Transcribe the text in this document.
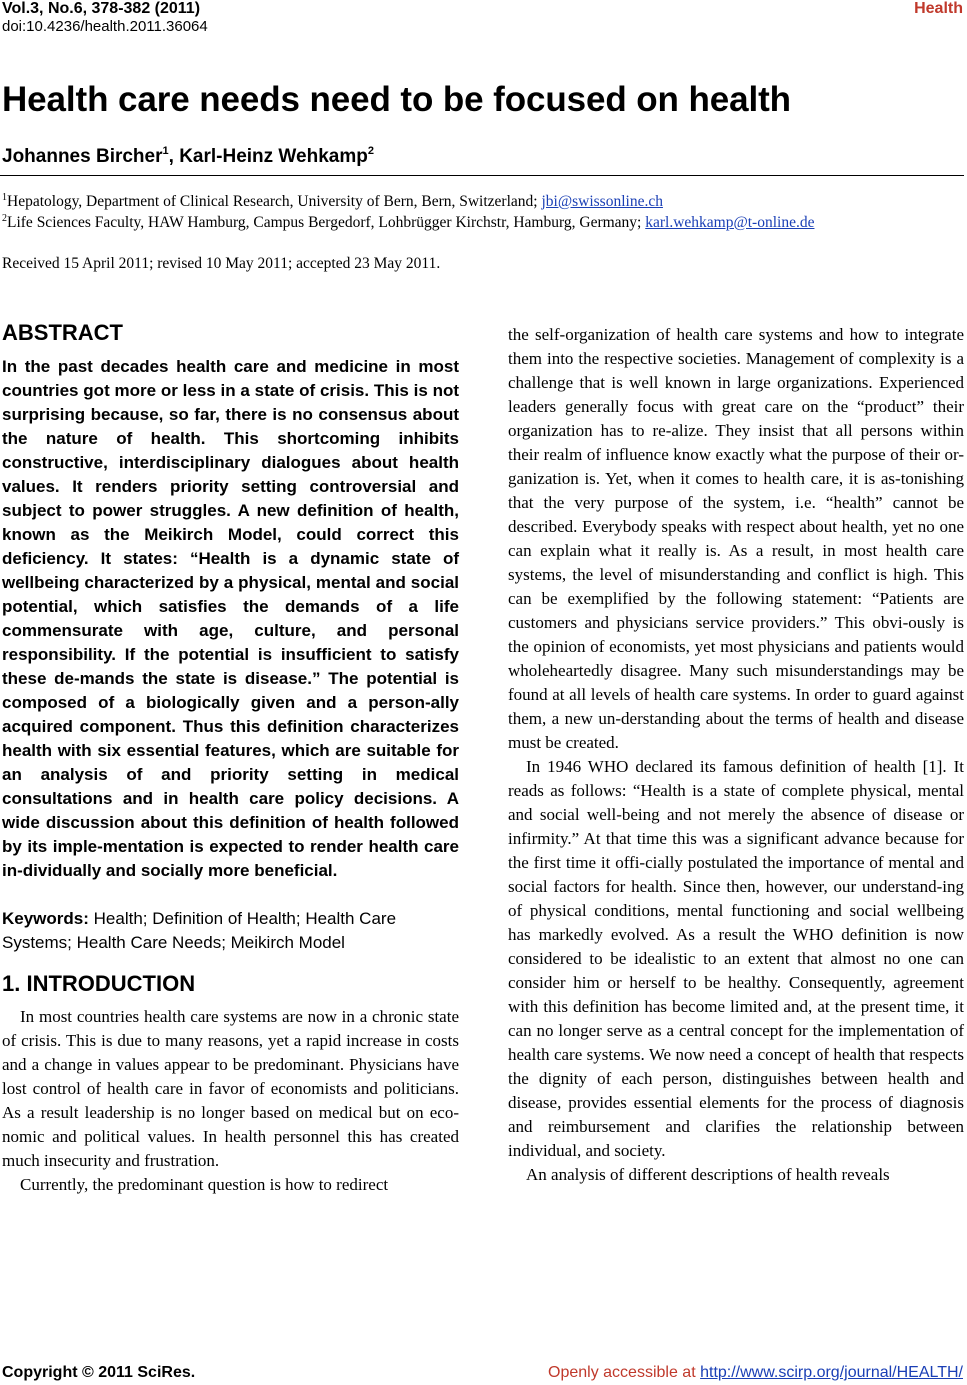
Vol.3, No.6, 378-382 (2011)
doi:10.4236/health.2011.36064
Health
Health care needs need to be focused on health
Johannes Bircher$^1$, Karl-Heinz Wehkamp$^2$
$^1$Hepatology, Department of Clinical Research, University of Bern, Bern, Switzerland; jbi@swissonline.ch
$^2$Life Sciences Faculty, HAW Hamburg, Campus Bergedorf, Lohbrügger Kirchstr, Hamburg, Germany; karl.wehkamp@t-online.de
Received 15 April 2011; revised 10 May 2011; accepted 23 May 2011.
ABSTRACT

In the past decades health care and medicine in most countries got more or less in a state of crisis. This is not surprising because, so far, there is no consensus about the nature of health. This shortcoming inhibits constructive, interdisciplinary dialogues about health values. It renders priority setting controversial and subject to power struggles. A new definition of health, known as the Meikirch Model, could correct this deficiency. It states: “Health is a dynamic state of wellbeing characterized by a physical, mental and social potential, which satisfies the demands of a life commensurate with age, culture, and personal responsibility. If the potential is insufficient to satisfy these de-mands the state is disease.” The potential is composed of a biologically given and a person-ally acquired component. Thus this definition characterizes health with six essential features, which are suitable for an analysis of and priority setting in medical consultations and in health care policy decisions. A wide discussion about this definition of health followed by its imple-mentation is expected to render health care in-dividually and socially more beneficial.

Keywords: Health; Definition of Health; Health Care Systems; Health Care Needs; Meikirch Model

1. INTRODUCTION

In most countries health care systems are now in a chronic state of crisis. This is due to many reasons, yet a rapid increase in costs and a change in values appear to be predominant. Physicians have lost control of health care in favor of economists and politicians. As a result leadership is no longer based on medical but on eco-nomic and political values. In health personnel this has created much insecurity and frustration.

Currently, the predominant question is how to redirect

the self-organization of health care systems and how to integrate them into the respective societies. Management of complexity is a challenge that is well known in large organizations. Experienced leaders generally focus with great care on the “product” their organization has to re-alize. They insist that all persons within their realm of influence know exactly what the purpose of their or-ganization is. Yet, when it comes to health care, it is as-tonishing that the very purpose of the system, i.e. “health” cannot be described. Everybody speaks with respect about health, yet no one can explain what it really is. As a result, in most health care systems, the level of misunderstanding and conflict is high. This can be exemplified by the following statement: “Patients are customers and physicians service providers.” This obvi-ously is the opinion of economists, yet most physicians and patients would wholeheartedly disagree. Many such misunderstandings may be found at all levels of health care systems. In order to guard against them, a new un-derstanding about the terms of health and disease must be created.

In 1946 WHO declared its famous definition of health [1]. It reads as follows: “Health is a state of complete physical, mental and social well-being and not merely the absence of disease or infirmity.” At that time this was a significant advance because for the first time it offi-cially postulated the importance of mental and social factors for health. Since then, however, our understand-ing of physical conditions, mental functioning and social wellbeing has markedly evolved. As a result the WHO definition is now considered to be idealistic to an extent that almost no one can consider him or herself to be healthy. Consequently, agreement with this definition has become limited and, at the present time, it can no longer serve as a central concept for the implementation of health care systems. We now need a concept of health that respects the dignity of each person, distinguishes between health and disease, provides essential elements for the process of diagnosis and reimbursement and clarifies the relationship between individual, and society.

An analysis of different descriptions of health reveals

Copyright © 2011 SciRes.	Openly accessible at http://www.scirp.org/journal/HEALTH/
